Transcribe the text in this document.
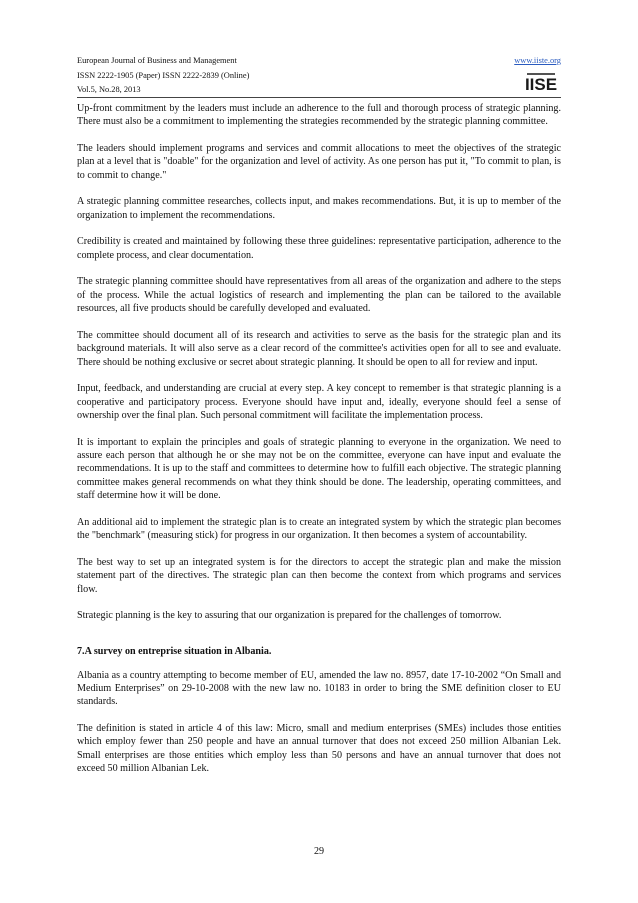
European Journal of Business and Management
ISSN 2222-1905 (Paper) ISSN 2222-2839 (Online)
Vol.5, No.28, 2013
www.iiste.org
IISE

Up-front commitment by the leaders must include an adherence to the full and thorough process of strategic planning. There must also be a commitment to implementing the strategies recommended by the strategic planning committee.

The leaders should implement programs and services and commit allocations to meet the objectives of the strategic plan at a level that is "doable" for the organization and level of activity. As one person has put it, "To commit to plan, is to commit to change."

A strategic planning committee researches, collects input, and makes recommendations. But, it is up to member of the organization to implement the recommendations.

Credibility is created and maintained by following these three guidelines: representative participation, adherence to the complete process, and clear documentation.

The strategic planning committee should have representatives from all areas of the organization and adhere to the steps of the process. While the actual logistics of research and implementing the plan can be tailored to the available resources, all five products should be carefully developed and evaluated.

The committee should document all of its research and activities to serve as the basis for the strategic plan and its background materials. It will also serve as a clear record of the committee's activities open for all to see and evaluate. There should be nothing exclusive or secret about strategic planning. It should be open to all for review and input.

Input, feedback, and understanding are crucial at every step. A key concept to remember is that strategic planning is a cooperative and participatory process. Everyone should have input and, ideally, everyone should feel a sense of ownership over the final plan. Such personal commitment will facilitate the implementation process.

It is important to explain the principles and goals of strategic planning to everyone in the organization. We need to assure each person that although he or she may not be on the committee, everyone can have input and evaluate the recommendations. It is up to the staff and committees to determine how to fulfill each objective. The strategic planning committee makes general recommends on what they think should be done. The leadership, operating committees, and staff determine how it will be done.

An additional aid to implement the strategic plan is to create an integrated system by which the strategic plan becomes the "benchmark" (measuring stick) for progress in our organization. It then becomes a system of accountability.

The best way to set up an integrated system is for the directors to accept the strategic plan and make the mission statement part of the directives. The strategic plan can then become the context from which programs and services flow.

Strategic planning is the key to assuring that our organization is prepared for the challenges of tomorrow.

7.A survey on entreprise situation in Albania.

Albania as a country attempting to become member of EU, amended the law no. 8957, date 17-10-2002 “On Small and Medium Enterprises” on 29-10-2008 with the new law no. 10183 in order to bring the SME definition closer to EU standards.

The definition is stated in article 4 of this law: Micro, small and medium enterprises (SMEs) includes those entities which employ fewer than 250 people and have an annual turnover that does not exceed 250 million Albanian Lek. Small enterprises are those entities which employ less than 50 persons and have an annual turnover that does not exceed 50 million Albanian Lek.

29
